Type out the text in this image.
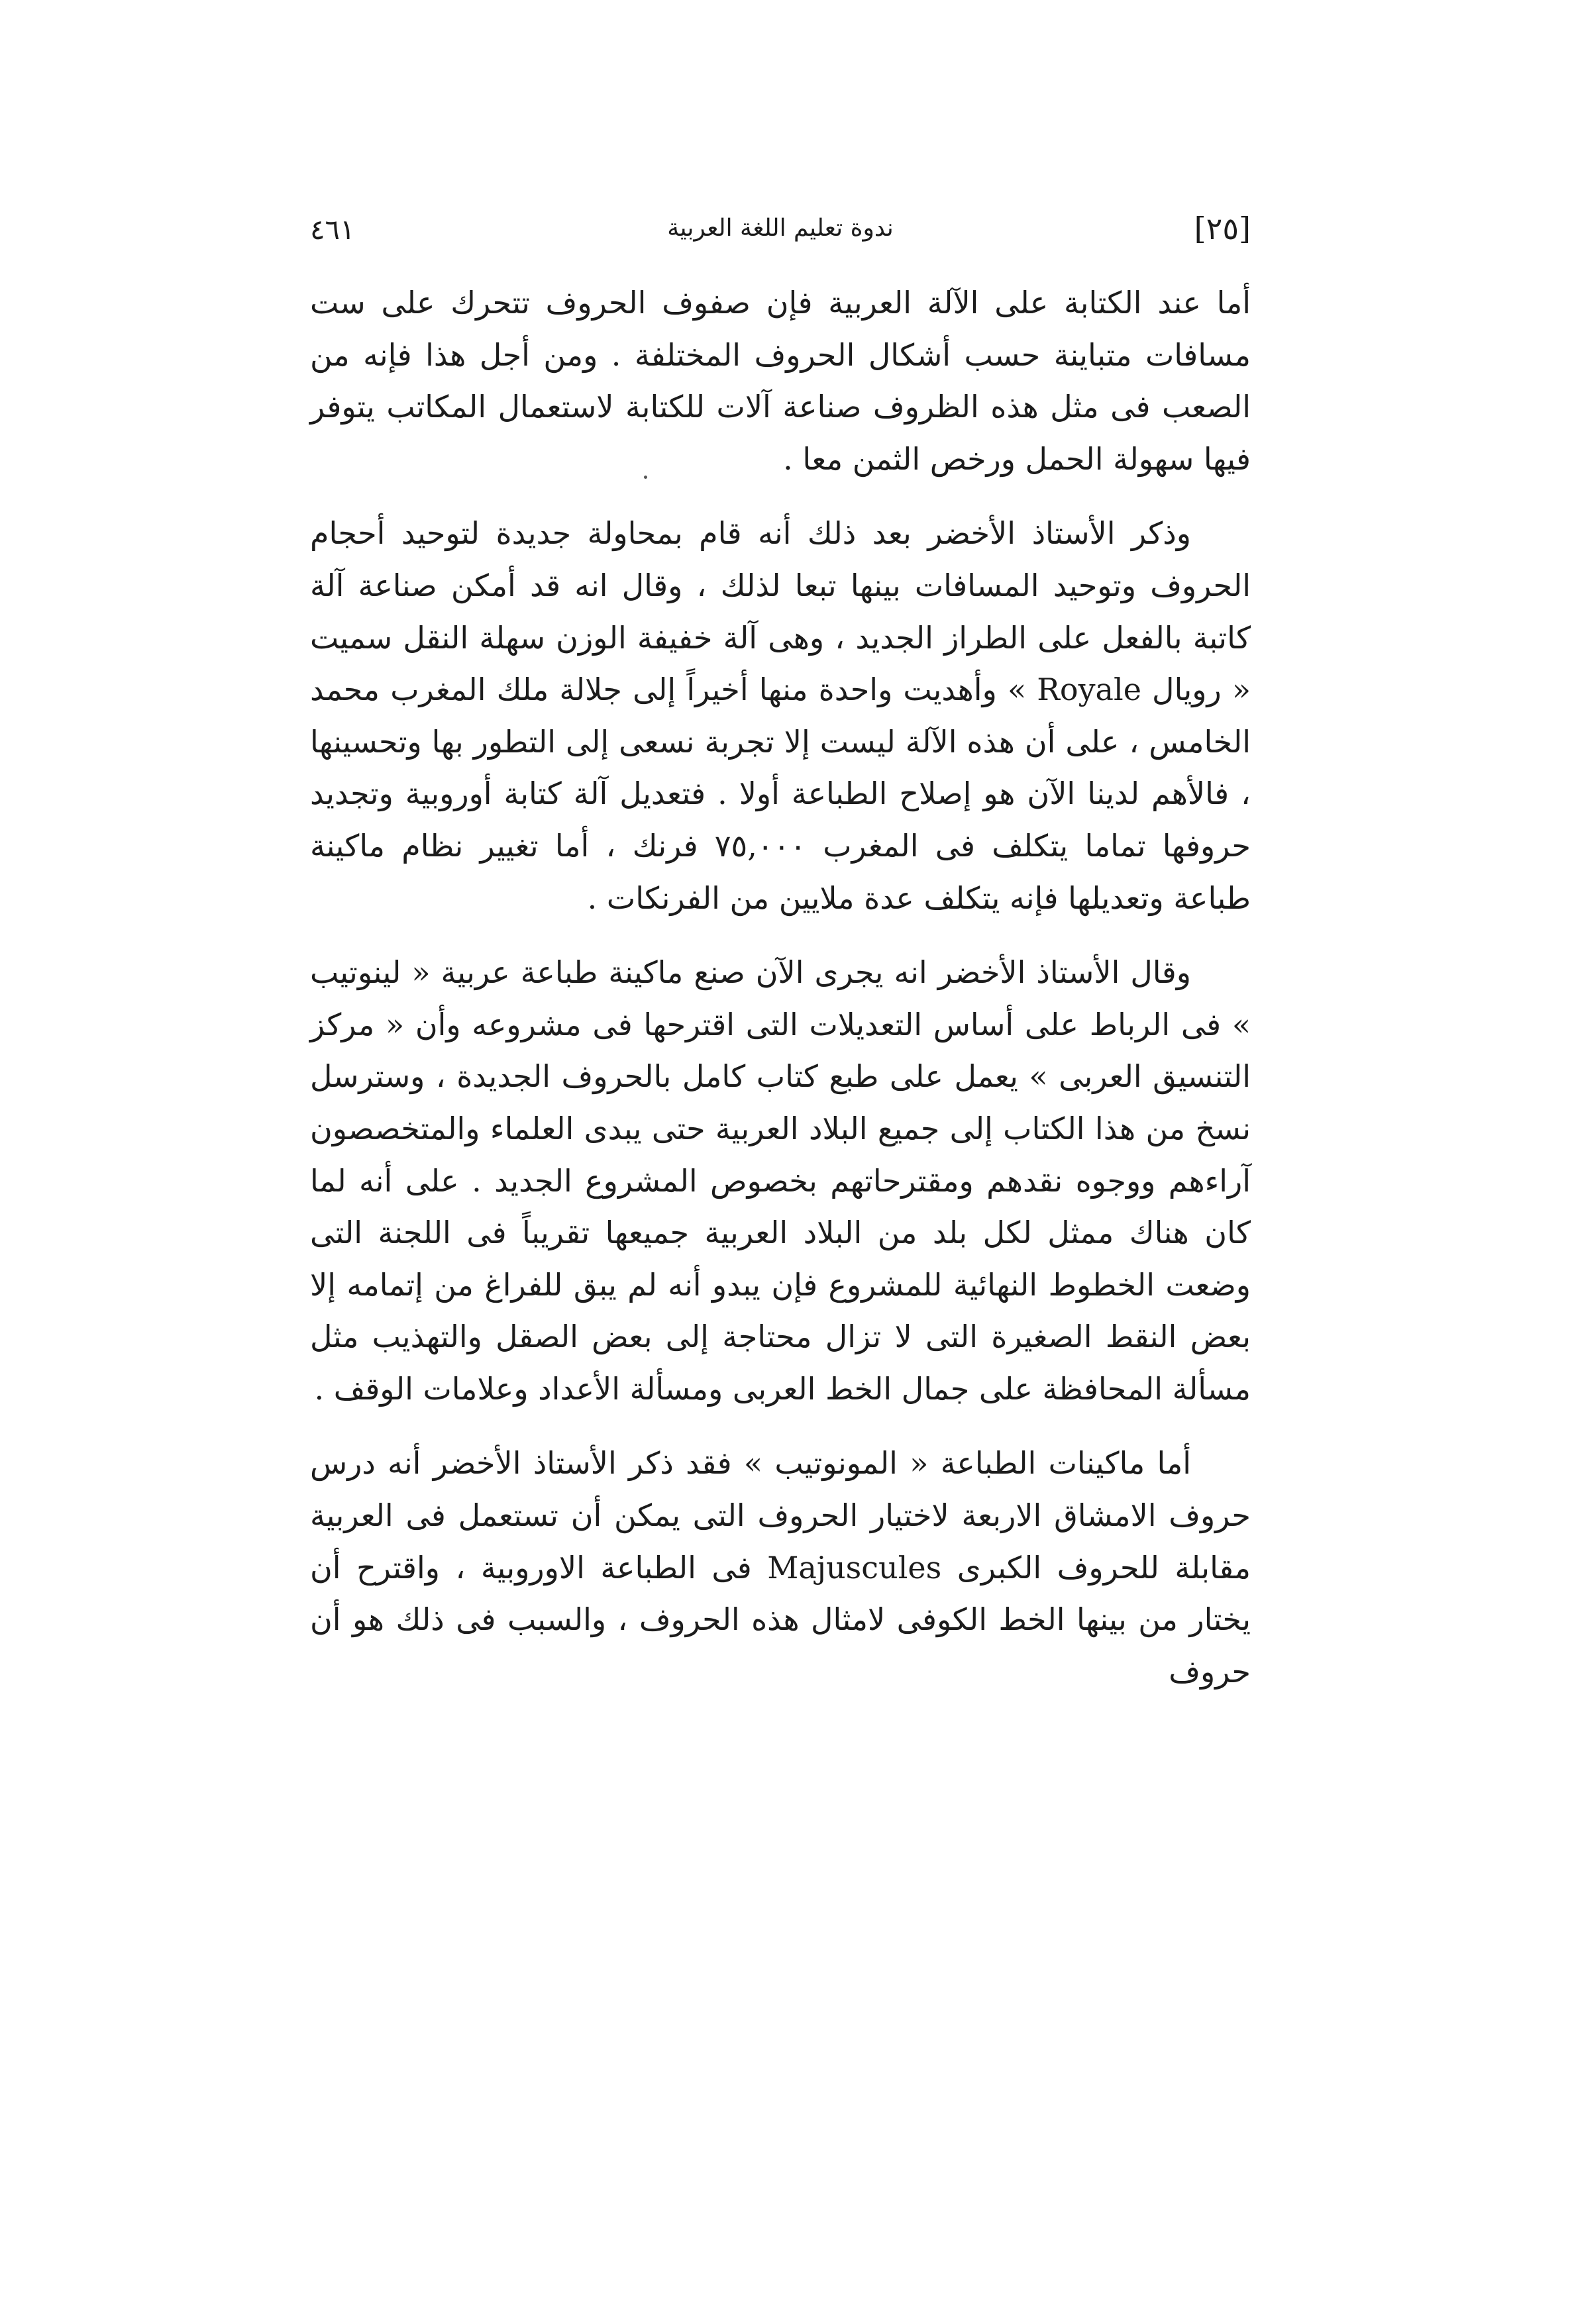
[٢٥]
ندوة تعليم اللغة العربية
٤٦١

أما عند الكتابة على الآلة العربية فإن صفوف الحروف تتحرك على ست مسافات متباينة حسب أشكال الحروف المختلفة . ومن أجل هذا فإنه من الصعب فى مثل هذه الظروف صناعة آلات للكتابة لاستعمال المكاتب يتوفر فيها سهولة الحمل ورخص الثمن معا .

وذكر الأستاذ الأخضر بعد ذلك أنه قام بمحاولة جديدة لتوحيد أحجام الحروف وتوحيد المسافات بينها تبعا لذلك ، وقال انه قد أمكن صناعة آلة كاتبة بالفعل على الطراز الجديد ، وهى آلة خفيفة الوزن سهلة النقل سميت « رويال Royale » وأهديت واحدة منها أخيراً إلى جلالة ملك المغرب محمد الخامس ، على أن هذه الآلة ليست إلا تجربة نسعى إلى التطور بها وتحسينها ، فالأهم لدينا الآن هو إصلاح الطباعة أولا . فتعديل آلة كتابة أوروبية وتجديد حروفها تماما يتكلف فى المغرب ٧٥,٠٠٠ فرنك ، أما تغيير نظام ماكينة طباعة وتعديلها فإنه يتكلف عدة ملايين من الفرنكات .

وقال الأستاذ الأخضر انه يجرى الآن صنع ماكينة طباعة عربية « لينوتيب » فى الرباط على أساس التعديلات التى اقترحها فى مشروعه وأن « مركز التنسيق العربى » يعمل على طبع كتاب كامل بالحروف الجديدة ، وسترسل نسخ من هذا الكتاب إلى جميع البلاد العربية حتى يبدى العلماء والمتخصصون آراءهم ووجوه نقدهم ومقترحاتهم بخصوص المشروع الجديد . على أنه لما كان هناك ممثل لكل بلد من البلاد العربية جميعها تقريباً فى اللجنة التى وضعت الخطوط النهائية للمشروع فإن يبدو أنه لم يبق للفراغ من إتمامه إلا بعض النقط الصغيرة التى لا تزال محتاجة إلى بعض الصقل والتهذيب مثل مسألة المحافظة على جمال الخط العربى ومسألة الأعداد وعلامات الوقف .

أما ماكينات الطباعة « المونوتيب » فقد ذكر الأستاذ الأخضر أنه درس حروف الامشاق الاربعة لاختيار الحروف التى يمكن أن تستعمل فى العربية مقابلة للحروف الكبرى Majuscules فى الطباعة الاوروبية ، واقترح أن يختار من بينها الخط الكوفى لامثال هذه الحروف ، والسبب فى ذلك هو أن حروف
